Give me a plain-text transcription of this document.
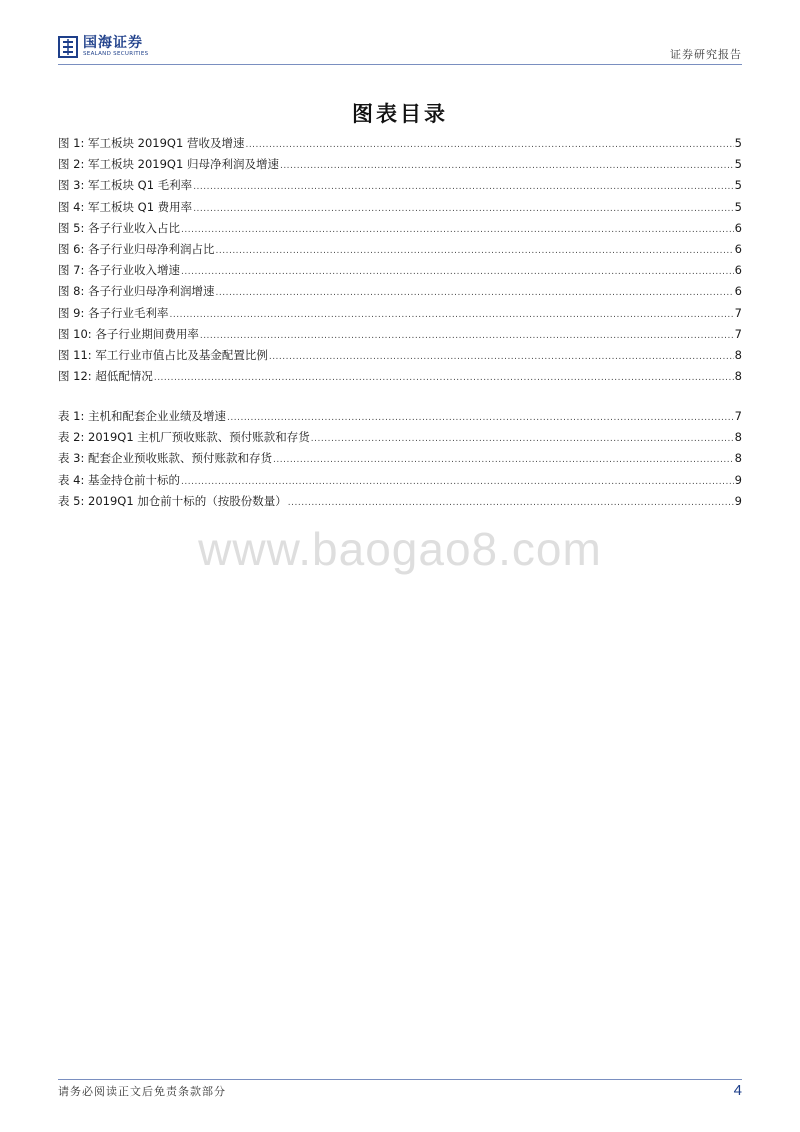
国海证券
SEALAND SECURITIES	证券研究报告
图表目录
图 1: 军工板块 2019Q1 营收及增速 .....	5
图 2: 军工板块 2019Q1 归母净利润及增速 .....	5
图 3: 军工板块 Q1 毛利率 .....	5
图 4: 军工板块 Q1 费用率 .....	5
图 5: 各子行业收入占比 .....	6
图 6: 各子行业归母净利润占比 .....	6
图 7: 各子行业收入增速 .....	6
图 8: 各子行业归母净利润增速 .....	6
图 9: 各子行业毛利率 .....	7
图 10: 各子行业期间费用率 .....	7
图 11: 军工行业市值占比及基金配置比例 .....	8
图 12: 超低配情况 .....	8
表 1: 主机和配套企业业绩及增速 .....	7
表 2: 2019Q1 主机厂预收账款、预付账款和存货 .....	8
表 3: 配套企业预收账款、预付账款和存货 .....	8
表 4: 基金持仓前十标的 .....	9
表 5: 2019Q1 加仓前十标的（按股份数量） .....	9
www.baogao8.com
请务必阅读正文后免责条款部分	4
